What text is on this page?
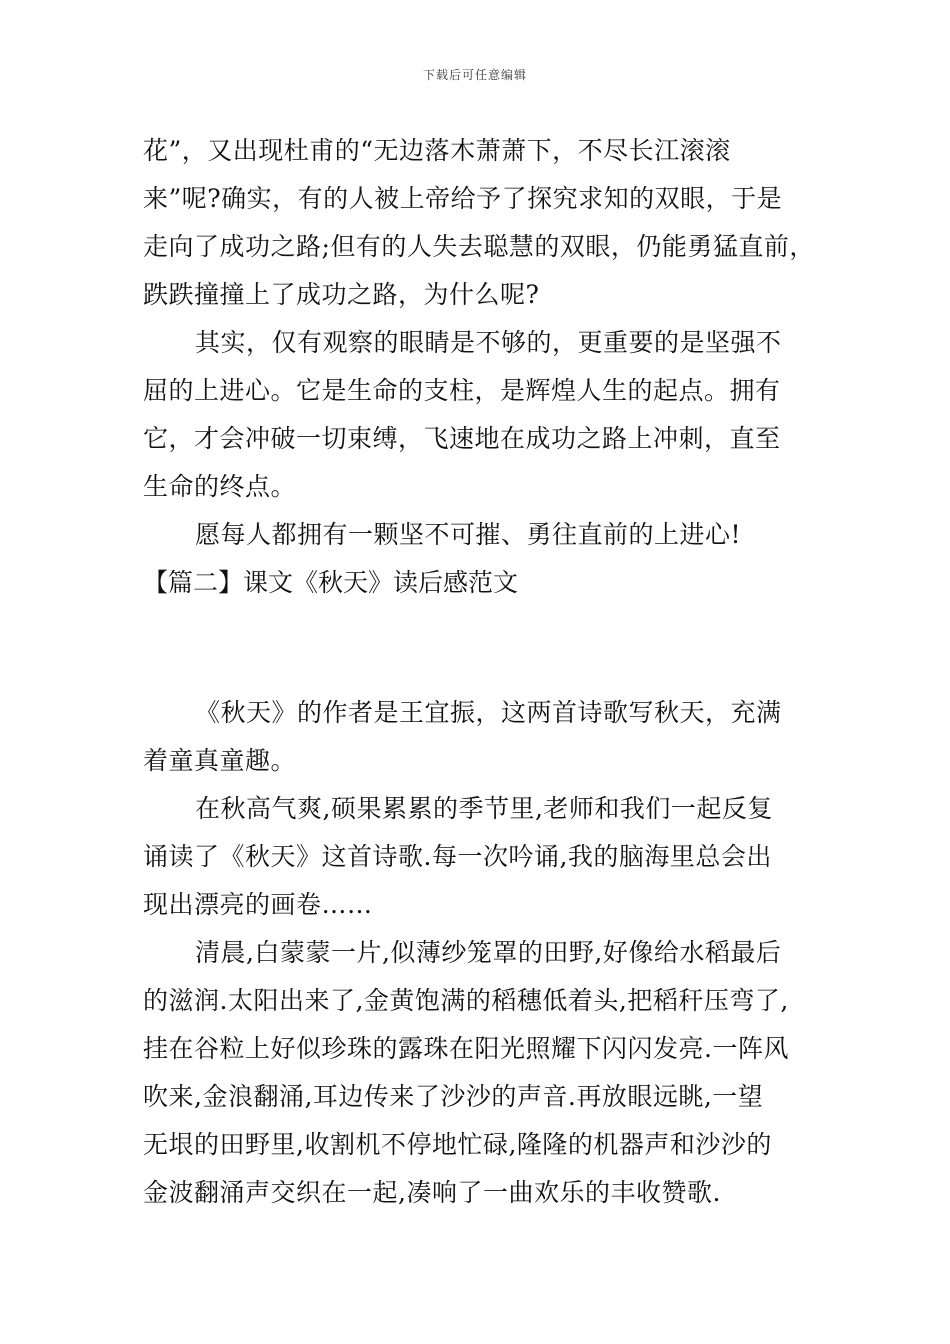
下载后可任意编辑
花”，又出现杜甫的“无边落木萧萧下，不尽长江滚滚
来”呢?确实，有的人被上帝给予了探究求知的双眼，于是
走向了成功之路;但有的人失去聪慧的双眼，仍能勇猛直前，
跌跌撞撞上了成功之路，为什么呢?
其实，仅有观察的眼睛是不够的，更重要的是坚强不
屈的上进心。它是生命的支柱，是辉煌人生的起点。拥有
它，才会冲破一切束缚，飞速地在成功之路上冲刺，直至
生命的终点。
愿每人都拥有一颗坚不可摧、勇往直前的上进心!
【篇二】课文《秋天》读后感范文
《秋天》的作者是王宜振，这两首诗歌写秋天，充满
着童真童趣。
在秋高气爽,硕果累累的季节里,老师和我们一起反复
诵读了《秋天》这首诗歌.每一次吟诵,我的脑海里总会出
现出漂亮的画卷……
清晨,白蒙蒙一片,似薄纱笼罩的田野,好像给水稻最后
的滋润.太阳出来了,金黄饱满的稻穗低着头,把稻秆压弯了,
挂在谷粒上好似珍珠的露珠在阳光照耀下闪闪发亮.一阵风
吹来,金浪翻涌,耳边传来了沙沙的声音.再放眼远眺,一望
无垠的田野里,收割机不停地忙碌,隆隆的机器声和沙沙的
金波翻涌声交织在一起,凑响了一曲欢乐的丰收赞歌.
